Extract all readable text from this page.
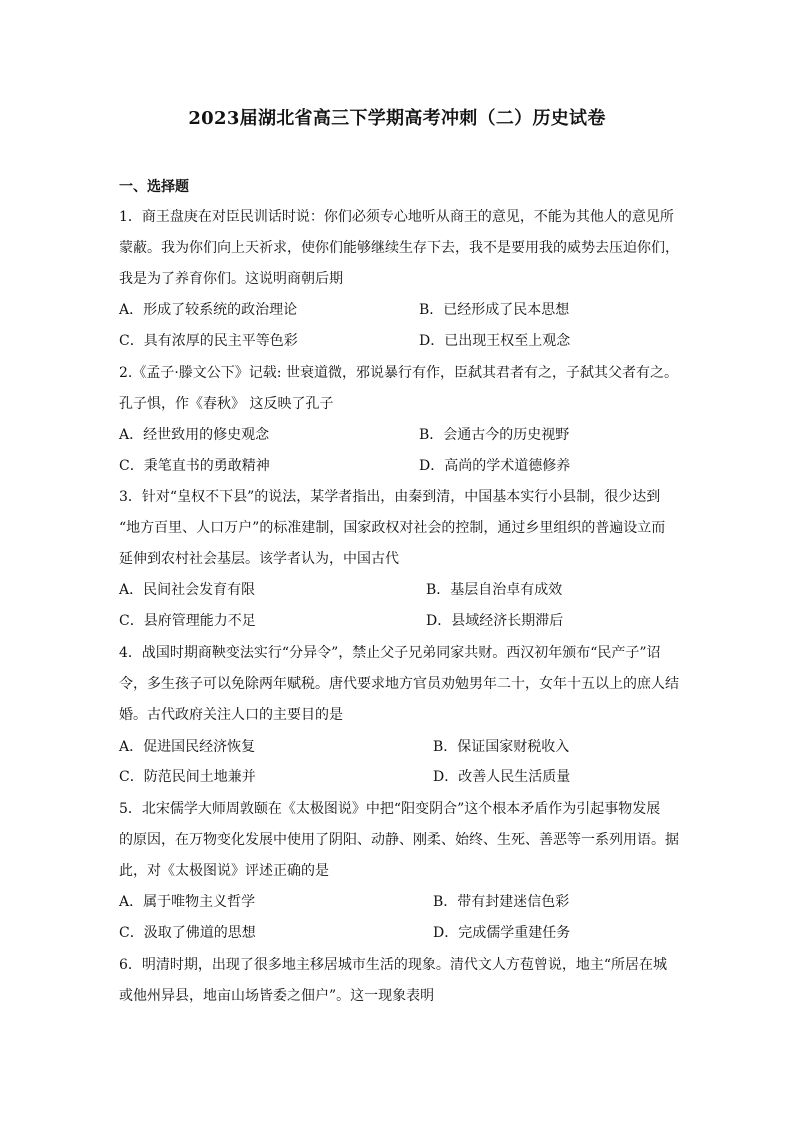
2023届湖北省高三下学期高考冲刺（二）历史试卷
一、选择题
1．商王盘庚在对臣民训话时说：你们必须专心地听从商王的意见，不能为其他人的意见所
蒙蔽。我为你们向上天祈求，使你们能够继续生存下去，我不是要用我的威势去压迫你们，
我是为了养育你们。这说明商朝后期
A．形成了较系统的政治理论	B．已经形成了民本思想
C．具有浓厚的民主平等色彩	D．已出现王权至上观念
2.《孟子·滕文公下》记载: 世衰道微，邪说暴行有作，臣弑其君者有之，子弑其父者有之。
孔子惧，作《春秋》 这反映了孔子
A．经世致用的修史观念	B．会通古今的历史视野
C．秉笔直书的勇敢精神	D．高尚的学术道德修养
3．针对“皇权不下县”的说法，某学者指出，由秦到清，中国基本实行小县制，很少达到
“地方百里、人口万户”的标准建制，国家政权对社会的控制，通过乡里组织的普遍设立而
延伸到农村社会基层。该学者认为，中国古代
A．民间社会发育有限	B．基层自治卓有成效
C．县府管理能力不足	D．县域经济长期滞后
4．战国时期商鞅变法实行“分异令”，禁止父子兄弟同家共财。西汉初年颁布“民产子”诏
令，多生孩子可以免除两年赋税。唐代要求地方官员劝勉男年二十，女年十五以上的庶人结
婚。古代政府关注人口的主要目的是
A．促进国民经济恢复	B．保证国家财税收入
C．防范民间土地兼并	D．改善人民生活质量
5．北宋儒学大师周敦颐在《太极图说》中把“阳变阴合”这个根本矛盾作为引起事物发展
的原因，在万物变化发展中使用了阴阳、动静、刚柔、始终、生死、善恶等一系列用语。据
此，对《太极图说》评述正确的是
A．属于唯物主义哲学	B．带有封建迷信色彩
C．汲取了佛道的思想	D．完成儒学重建任务
6．明清时期，出现了很多地主移居城市生活的现象。清代文人方苞曾说，地主“所居在城
或他州异县，地亩山场皆委之佃户”。这一现象表明
